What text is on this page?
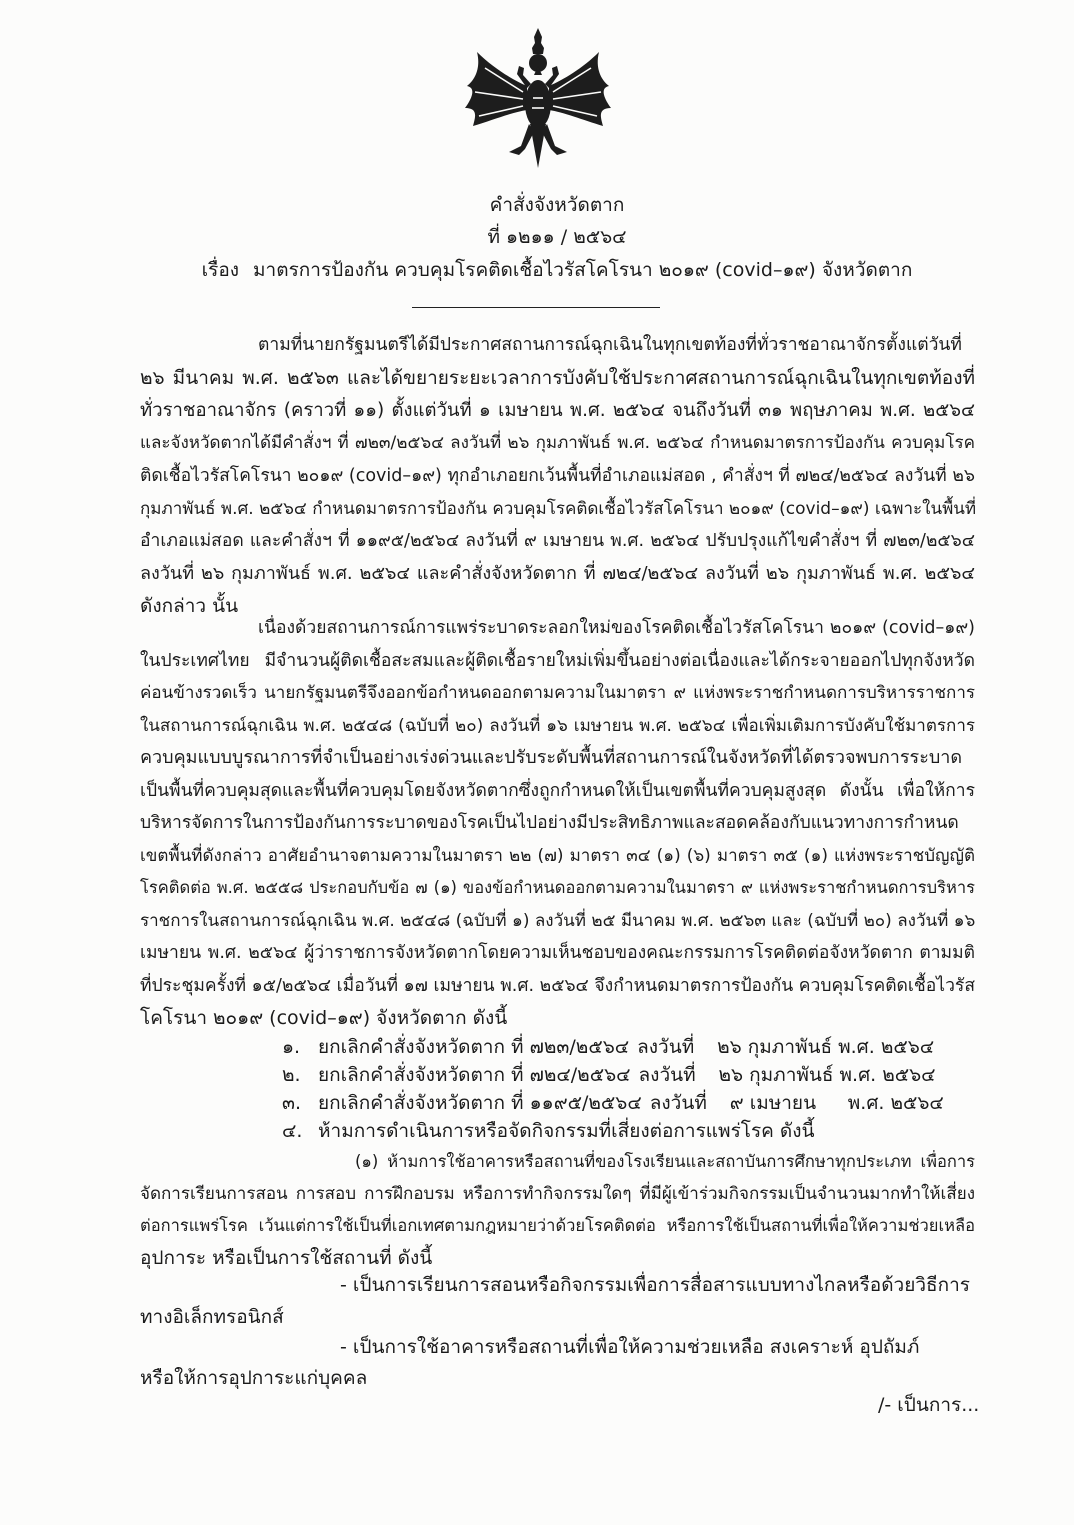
คำสั่งจังหวัดตาก
ที่ ๑๒๑๑ / ๒๕๖๔
เรื่อง มาตรการป้องกัน ควบคุมโรคติดเชื้อไวรัสโคโรนา ๒๐๑๙ (covid–๑๙) จังหวัดตาก
ตามที่นายกรัฐมนตรีได้มีประกาศสถานการณ์ฉุกเฉินในทุกเขตท้องที่ทั่วราชอาณาจักรตั้งแต่วันที่
๒๖ มีนาคม พ.ศ. ๒๕๖๓ และได้ขยายระยะเวลาการบังคับใช้ประกาศสถานการณ์ฉุกเฉินในทุกเขตท้องที่
ทั่วราชอาณาจักร (คราวที่ ๑๑) ตั้งแต่วันที่ ๑ เมษายน พ.ศ. ๒๕๖๔ จนถึงวันที่ ๓๑ พฤษภาคม พ.ศ. ๒๕๖๔
และจังหวัดตากได้มีคำสั่งฯ ที่ ๗๒๓/๒๕๖๔ ลงวันที่ ๒๖ กุมภาพันธ์ พ.ศ. ๒๕๖๔ กำหนดมาตรการป้องกัน ควบคุมโรค
ติดเชื้อไวรัสโคโรนา ๒๐๑๙ (covid–๑๙) ทุกอำเภอยกเว้นพื้นที่อำเภอแม่สอด , คำสั่งฯ ที่ ๗๒๔/๒๕๖๔ ลงวันที่ ๒๖
กุมภาพันธ์ พ.ศ. ๒๕๖๔ กำหนดมาตรการป้องกัน ควบคุมโรคติดเชื้อไวรัสโคโรนา ๒๐๑๙ (covid–๑๙) เฉพาะในพื้นที่
อำเภอแม่สอด และคำสั่งฯ ที่ ๑๑๙๕/๒๕๖๔ ลงวันที่ ๙ เมษายน พ.ศ. ๒๕๖๔ ปรับปรุงแก้ไขคำสั่งฯ ที่ ๗๒๓/๒๕๖๔
ลงวันที่ ๒๖ กุมภาพันธ์ พ.ศ. ๒๕๖๔ และคำสั่งจังหวัดตาก ที่ ๗๒๔/๒๕๖๔ ลงวันที่ ๒๖ กุมภาพันธ์ พ.ศ. ๒๕๖๔
ดังกล่าว นั้น
เนื่องด้วยสถานการณ์การแพร่ระบาดระลอกใหม่ของโรคติดเชื้อไวรัสโคโรนา ๒๐๑๙ (covid–๑๙)
ในประเทศไทย มีจำนวนผู้ติดเชื้อสะสมและผู้ติดเชื้อรายใหม่เพิ่มขึ้นอย่างต่อเนื่องและได้กระจายออกไปทุกจังหวัด
ค่อนข้างรวดเร็ว นายกรัฐมนตรีจึงออกข้อกำหนดออกตามความในมาตรา ๙ แห่งพระราชกำหนดการบริหารราชการ
ในสถานการณ์ฉุกเฉิน พ.ศ. ๒๕๔๘ (ฉบับที่ ๒๐) ลงวันที่ ๑๖ เมษายน พ.ศ. ๒๕๖๔ เพื่อเพิ่มเติมการบังคับใช้มาตรการ
ควบคุมแบบบูรณาการที่จำเป็นอย่างเร่งด่วนและปรับระดับพื้นที่สถานการณ์ในจังหวัดที่ได้ตรวจพบการระบาด
เป็นพื้นที่ควบคุมสุดและพื้นที่ควบคุมโดยจังหวัดตากซึ่งถูกกำหนดให้เป็นเขตพื้นที่ควบคุมสูงสุด ดังนั้น เพื่อให้การ
บริหารจัดการในการป้องกันการระบาดของโรคเป็นไปอย่างมีประสิทธิภาพและสอดคล้องกับแนวทางการกำหนด
เขตพื้นที่ดังกล่าว อาศัยอำนาจตามความในมาตรา ๒๒ (๗) มาตรา ๓๔ (๑) (๖) มาตรา ๓๕ (๑) แห่งพระราชบัญญัติ
โรคติดต่อ พ.ศ. ๒๕๕๘ ประกอบกับข้อ ๗ (๑) ของข้อกำหนดออกตามความในมาตรา ๙ แห่งพระราชกำหนดการบริหาร
ราชการในสถานการณ์ฉุกเฉิน พ.ศ. ๒๕๔๘ (ฉบับที่ ๑) ลงวันที่ ๒๕ มีนาคม พ.ศ. ๒๕๖๓ และ (ฉบับที่ ๒๐) ลงวันที่ ๑๖
เมษายน พ.ศ. ๒๕๖๔ ผู้ว่าราชการจังหวัดตากโดยความเห็นชอบของคณะกรรมการโรคติดต่อจังหวัดตาก ตามมติ
ที่ประชุมครั้งที่ ๑๕/๒๕๖๔ เมื่อวันที่ ๑๗ เมษายน พ.ศ. ๒๕๖๔ จึงกำหนดมาตรการป้องกัน ควบคุมโรคติดเชื้อไวรัส
โคโรนา ๒๐๑๙ (covid–๑๙) จังหวัดตาก ดังนี้
๑. ยกเลิกคำสั่งจังหวัดตาก ที่ ๗๒๓/๒๕๖๔ ลงวันที่	๒๖ กุมภาพันธ์ พ.ศ. ๒๕๖๔
๒. ยกเลิกคำสั่งจังหวัดตาก ที่ ๗๒๔/๒๕๖๔ ลงวันที่	๒๖ กุมภาพันธ์ พ.ศ. ๒๕๖๔
๓. ยกเลิกคำสั่งจังหวัดตาก ที่ ๑๑๙๕/๒๕๖๔ ลงวันที่	๙ เมษายน	พ.ศ. ๒๕๖๔
๔. ห้ามการดำเนินการหรือจัดกิจกรรมที่เสี่ยงต่อการแพร่โรค ดังนี้
(๑) ห้ามการใช้อาคารหรือสถานที่ของโรงเรียนและสถาบันการศึกษาทุกประเภท เพื่อการ
จัดการเรียนการสอน การสอบ การฝึกอบรม หรือการทำกิจกรรมใดๆ ที่มีผู้เข้าร่วมกิจกรรมเป็นจำนวนมากทำให้เสี่ยง
ต่อการแพร่โรค เว้นแต่การใช้เป็นที่เอกเทศตามกฎหมายว่าด้วยโรคติดต่อ หรือการใช้เป็นสถานที่เพื่อให้ความช่วยเหลือ
อุปการะ หรือเป็นการใช้สถานที่ ดังนี้
- เป็นการเรียนการสอนหรือกิจกรรมเพื่อการสื่อสารแบบทางไกลหรือด้วยวิธีการ
ทางอิเล็กทรอนิกส์
- เป็นการใช้อาคารหรือสถานที่เพื่อให้ความช่วยเหลือ สงเคราะห์ อุปถัมภ์
หรือให้การอุปการะแก่บุคคล
/- เป็นการ...
